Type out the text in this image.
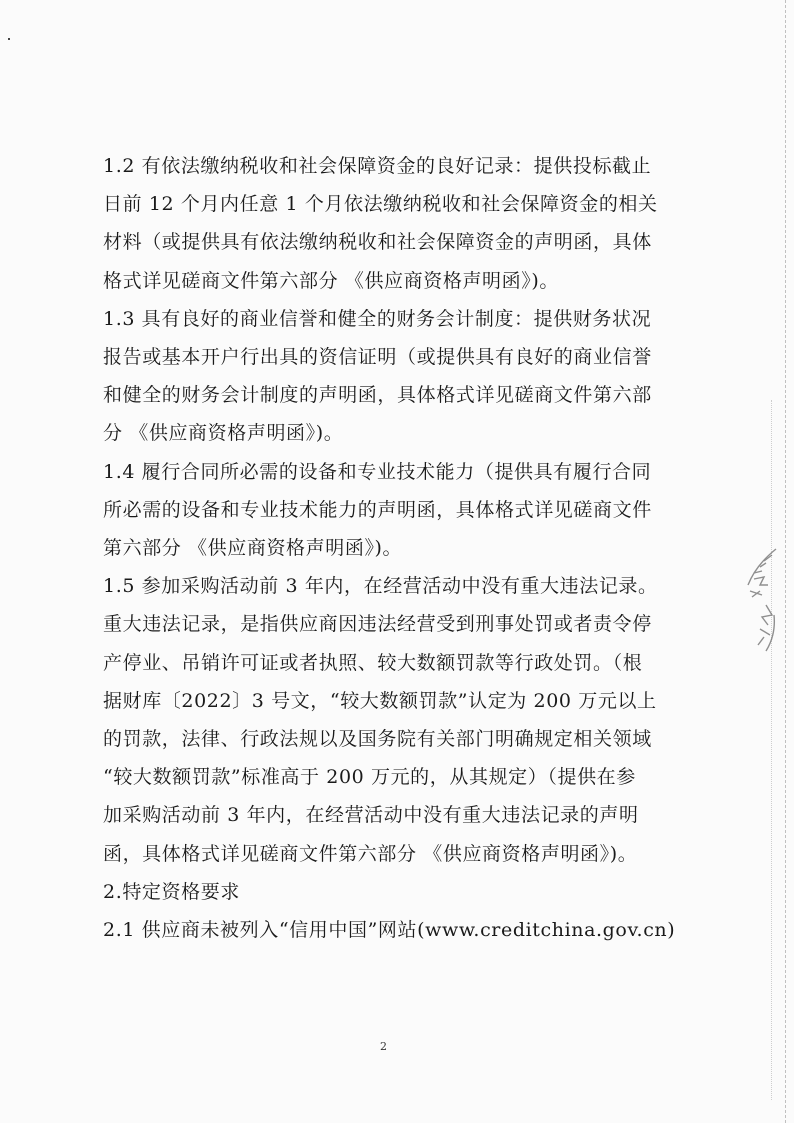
1.2 有依法缴纳税收和社会保障资金的良好记录：提供投标截止
日前 12 个月内任意 1 个月依法缴纳税收和社会保障资金的相关
材料（或提供具有依法缴纳税收和社会保障资金的声明函，具体
格式详见磋商文件第六部分 《供应商资格声明函》)。
1.3 具有良好的商业信誉和健全的财务会计制度：提供财务状况
报告或基本开户行出具的资信证明（或提供具有良好的商业信誉
和健全的财务会计制度的声明函，具体格式详见磋商文件第六部
分 《供应商资格声明函》)。
1.4 履行合同所必需的设备和专业技术能力（提供具有履行合同
所必需的设备和专业技术能力的声明函，具体格式详见磋商文件
第六部分 《供应商资格声明函》)。
1.5 参加采购活动前 3 年内，在经营活动中没有重大违法记录。
重大违法记录，是指供应商因违法经营受到刑事处罚或者责令停
产停业、吊销许可证或者执照、较大数额罚款等行政处罚。（根
据财库〔2022〕3 号文，“较大数额罚款”认定为 200 万元以上
的罚款，法律、行政法规以及国务院有关部门明确规定相关领域
“较大数额罚款”标准高于 200 万元的，从其规定）（提供在参
加采购活动前 3 年内，在经营活动中没有重大违法记录的声明
函，具体格式详见磋商文件第六部分 《供应商资格声明函》)。
2.特定资格要求
2.1 供应商未被列入“信用中国”网站(www.creditchina.gov.cn)
2
